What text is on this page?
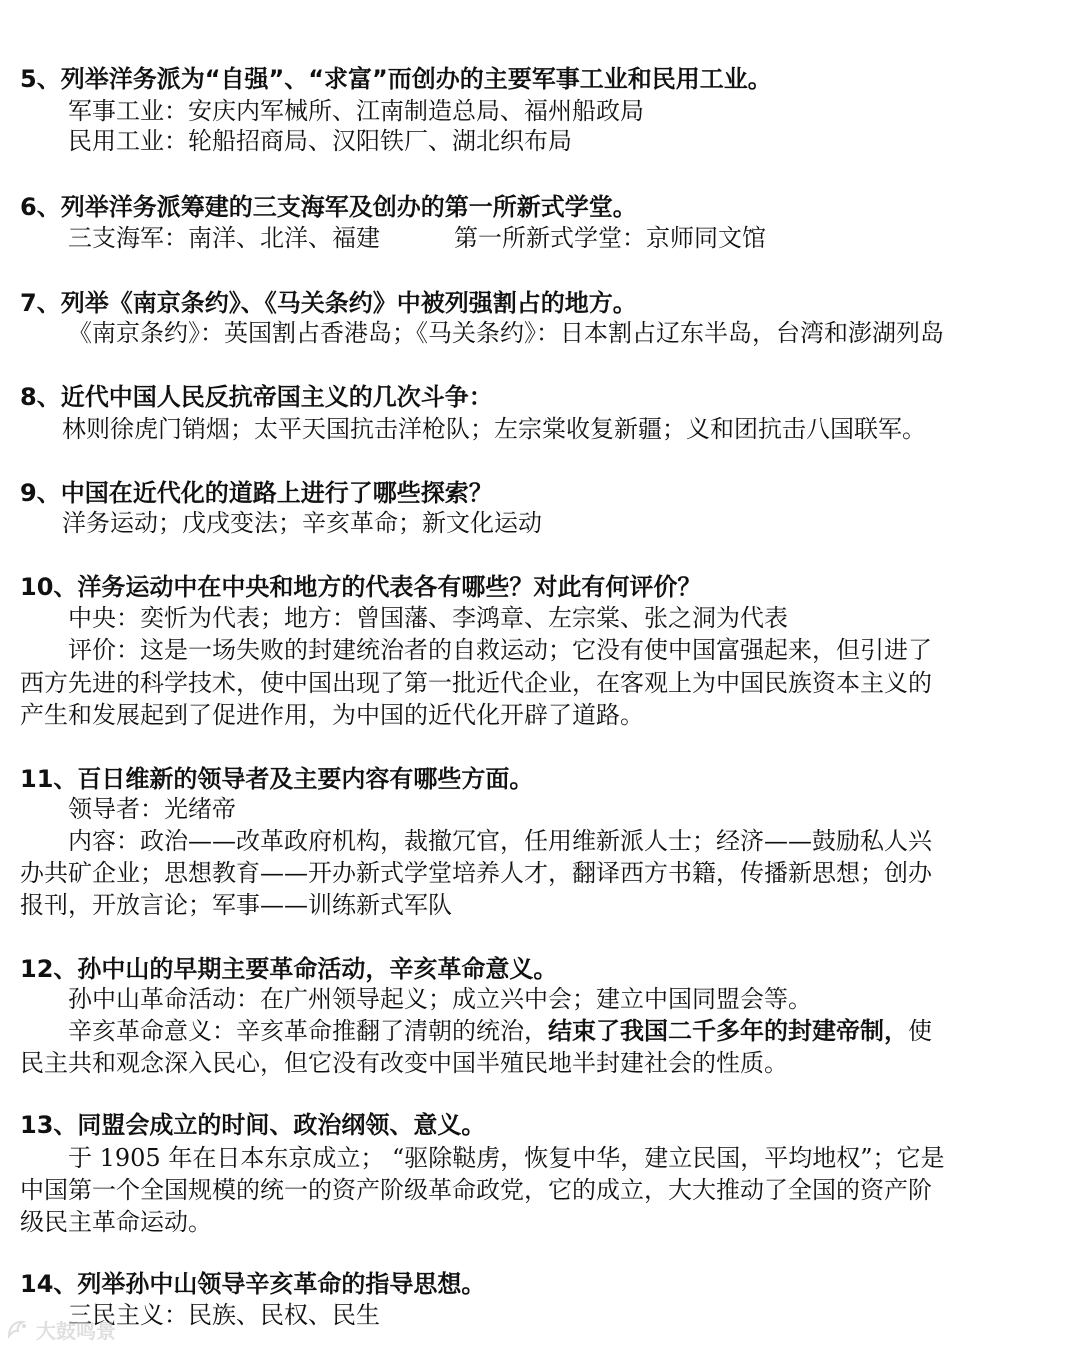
5、列举洋务派为“自强”、“求富”而创办的主要军事工业和民用工业。
军事工业：安庆内军械所、江南制造总局、福州船政局
民用工业：轮船招商局、汉阳铁厂、湖北织布局
6、列举洋务派筹建的三支海军及创办的第一所新式学堂。
三支海军：南洋、北洋、福建	第一所新式学堂：京师同文馆
7、列举《南京条约》、《马关条约》中被列强割占的地方。
《南京条约》：英国割占香港岛；《马关条约》：日本割占辽东半岛，台湾和澎湖列岛
8、近代中国人民反抗帝国主义的几次斗争：
林则徐虎门销烟；太平天国抗击洋枪队；左宗棠收复新疆；义和团抗击八国联军。
9、中国在近代化的道路上进行了哪些探索？
洋务运动；戊戌变法；辛亥革命；新文化运动
10、洋务运动中在中央和地方的代表各有哪些？对此有何评价？
中央：奕忻为代表；地方：曾国藩、李鸿章、左宗棠、张之洞为代表
评价：这是一场失败的封建统治者的自救运动；它没有使中国富强起来，但引进了
西方先进的科学技术，使中国出现了第一批近代企业，在客观上为中国民族资本主义的
产生和发展起到了促进作用，为中国的近代化开辟了道路。
11、百日维新的领导者及主要内容有哪些方面。
领导者：光绪帝
内容：政治——改革政府机构，裁撤冗官，任用维新派人士；经济——鼓励私人兴
办共矿企业；思想教育——开办新式学堂培养人才，翻译西方书籍，传播新思想；创办
报刊，开放言论；军事——训练新式军队
12、孙中山的早期主要革命活动，辛亥革命意义。
孙中山革命活动：在广州领导起义；成立兴中会；建立中国同盟会等。
辛亥革命意义：辛亥革命推翻了清朝的统治，结束了我国二千多年的封建帝制，使
民主共和观念深入民心，但它没有改变中国半殖民地半封建社会的性质。
13、同盟会成立的时间、政治纲领、意义。
于 1905 年在日本东京成立； “驱除鞑虏，恢复中华，建立民国，平均地权”；它是
中国第一个全国规模的统一的资产阶级革命政党，它的成立，大大推动了全国的资产阶
级民主革命运动。
14、列举孙中山领导辛亥革命的指导思想。
三民主义：民族、民权、民生
大鼓鸣景
